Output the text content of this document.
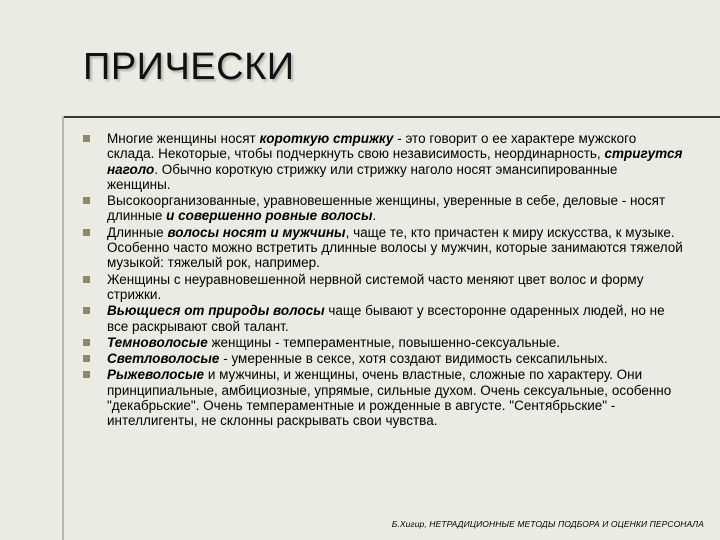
ПРИЧЕСКИ
Многие женщины носят короткую стрижку - это говорит о ее характере мужского склада. Некоторые, чтобы подчеркнуть свою независимость, неординарность, стригутся наголо. Обычно короткую стрижку или стрижку наголо носят эмансипированные женщины.
Высокоорганизованные, уравновешенные женщины, уверенные в себе, деловые - носят длинные и совершенно ровные волосы.
Длинные волосы носят и мужчины, чаще те, кто причастен к миру искусства, к музыке. Особенно часто можно встретить длинные волосы у мужчин, которые занимаются тяжелой музыкой: тяжелый рок, например.
Женщины с неуравновешенной нервной системой часто меняют цвет волос и форму стрижки.
Вьющиеся от природы волосы чаще бывают у всесторонне одаренных людей, но не все раскрывают свой талант.
Темноволосые женщины - темпераментные, повышенно-сексуальные.
Светловолосые - умеренные в сексе, хотя создают видимость сексапильных.
Рыжеволосые и мужчины, и женщины, очень властные, сложные по характеру. Они принципиальные, амбициозные, упрямые, сильные духом. Очень сексуальные, особенно "декабрьские". Очень темпераментные и рожденные в августе. "Сентябрьские" - интеллигенты, не склонны раскрывать свои чувства.
Б.Хигир, НЕТРАДИЦИОННЫЕ МЕТОДЫ ПОДБОРА И ОЦЕНКИ ПЕРСОНАЛА
